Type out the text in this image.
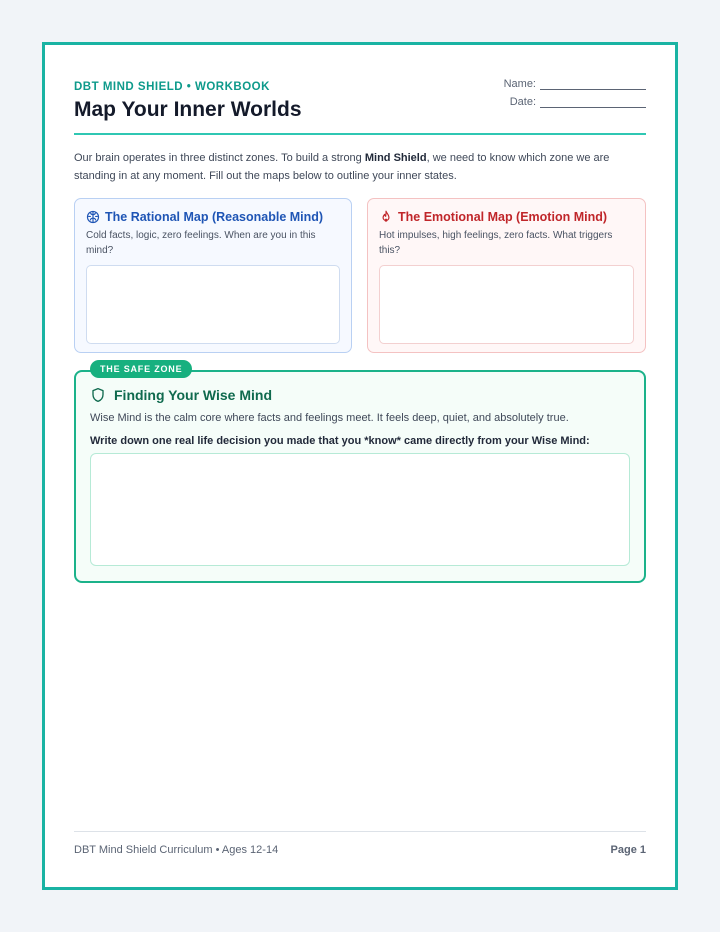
DBT MIND SHIELD • WORKBOOK
Map Your Inner Worlds
Name:
Date:
Our brain operates in three distinct zones. To build a strong Mind Shield, we need to know which zone we are standing in at any moment. Fill out the maps below to outline your inner states.
The Rational Map (Reasonable Mind)
Cold facts, logic, zero feelings. When are you in this mind?
The Emotional Map (Emotion Mind)
Hot impulses, high feelings, zero facts. What triggers this?
THE SAFE ZONE
Finding Your Wise Mind
Wise Mind is the calm core where facts and feelings meet. It feels deep, quiet, and absolutely true.
Write down one real life decision you made that you *know* came directly from your Wise Mind:
DBT Mind Shield Curriculum • Ages 12-14	Page 1
